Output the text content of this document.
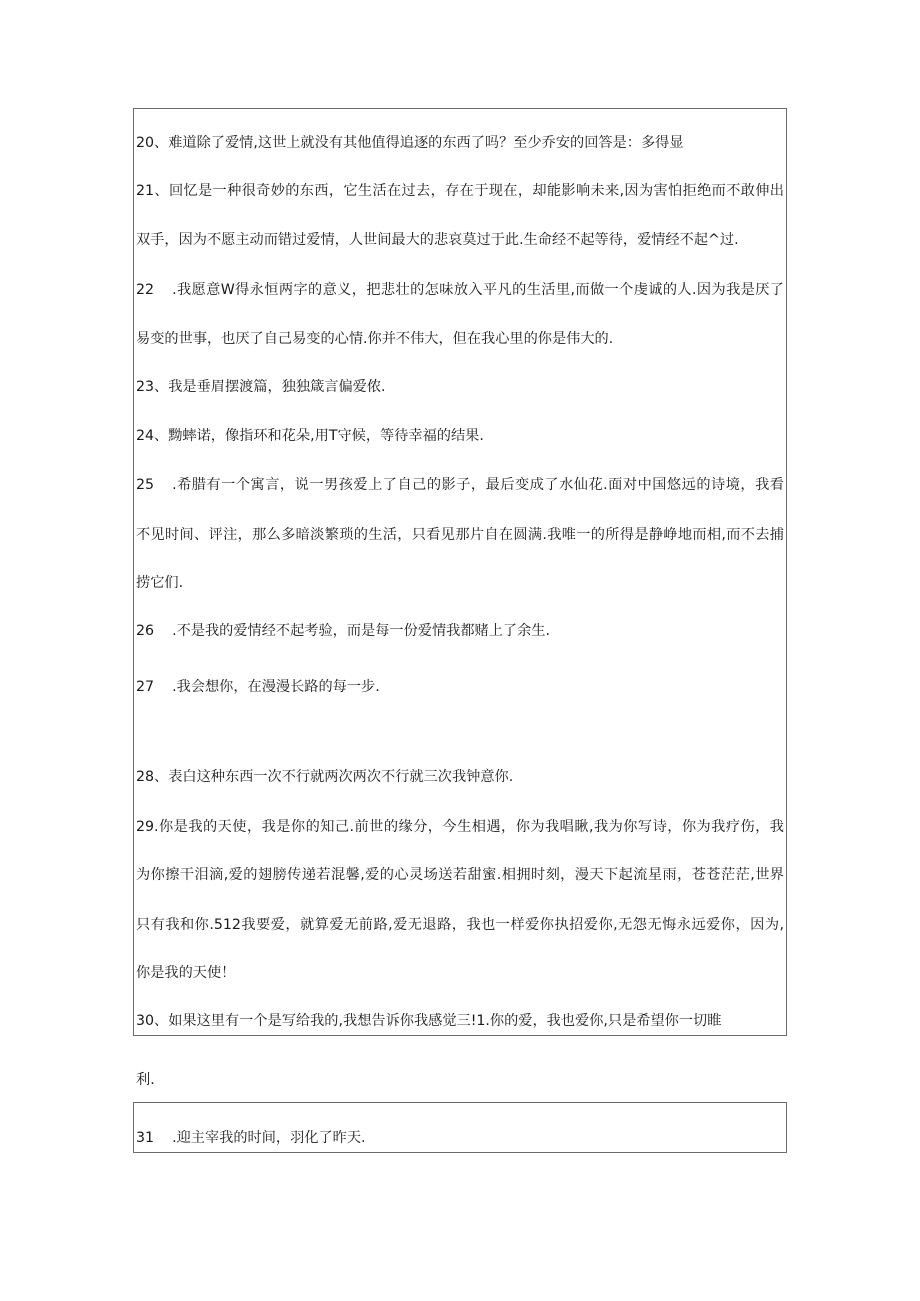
20、难道除了爱情,这世上就没有其他值得追逐的东西了吗？至少乔安的回答是：多得显
21、回忆是一种很奇妙的东西，它生活在过去，存在于现在，却能影响未来,因为害怕拒绝而不敢伸出
双手，因为不愿主动而错过爱情，人世间最大的悲哀莫过于此.生命经不起等待，爱情经不起^过.
22 .我愿意W得永恒两字的意义，把悲壮的怎味放入平凡的生活里,而做一个虔诚的人.因为我是厌了
易变的世事，也厌了自己易变的心情.你并不伟大，但在我心里的你是伟大的.
23、我是垂眉摆渡篇，独独箴言偏爱侬.
24、黝蟀诺，像指环和花朵,用T守候，等待幸福的结果.
25 .希腊有一个寓言，说一男孩爱上了自己的影子，最后变成了水仙花.面对中国悠远的诗境，我看
不见时间、评注，那么多暗淡繁琐的生活，只看见那片自在圆满.我唯一的所得是静峥地而相,而不去捕
捞它们.
26 .不是我的爱情经不起考验，而是每一份爱情我都赌上了余生.
27 .我会想你，在漫漫长路的每一步.
28、表白这种东西一次不行就两次两次不行就三次我钟意你.
29.你是我的天使，我是你的知己.前世的缘分，今生相遇，你为我唱瞅,我为你写诗，你为我疗伤，我
为你擦干泪滴,爱的翅膀传递若混馨,爱的心灵场送若甜蜜.相拥时刻，漫天下起流星雨，苍苍茫茫,世界
只有我和你.512我要爱，就算爱无前路,爱无退路，我也一样爱你执招爱你,无怨无悔永远爱你，因为,
你是我的天使！
30、如果这里有一个是写给我的,我想告诉你我感觉三!1.你的爱，我也爱你,只是希望你一切睢
利.
31 .迎主宰我的时间，羽化了昨天.
